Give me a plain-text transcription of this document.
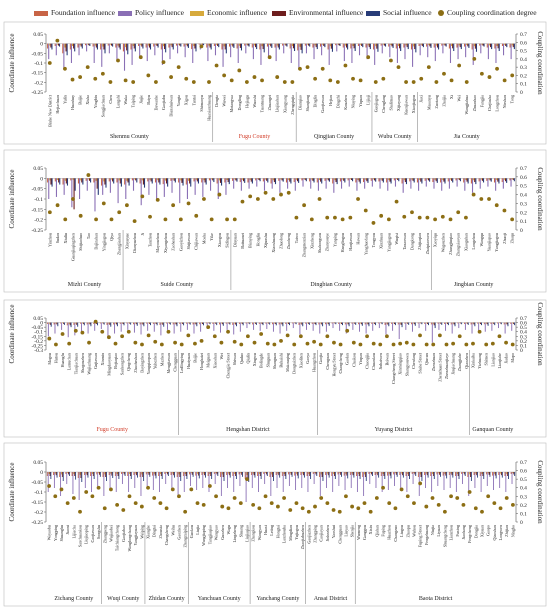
Foundation influence	Policy influence	Economic influence	Environmental influence	Social influence	Coupling coordination degree
0.05
0
-0.05
-0.1
-0.15
-0.2
-0.25
0.7
0.6
0.5
0.4
0.3
0.2
0.1
0
Coordinate influence	Coupling coordination
Binhe New District Hejiachuan Yulin Huanhuy Baijie Xisha Yingbin Songjiachuan Chen Langshi Wuka Taiping Jiujie Baiyu Dawanhe Gaojiabu Dianshuiwan Yangta Xigou Tuntai Shimaoyu Huaxianzhuang Dengta Wuwei Motangwa Dongling Hejiagu Wuoshi Tuantuang Zhuangzi Liujiashan Xiangyang Zhengqiujia Dianqiao Shanjiang Dinglin Gaojiawan Hejian Dingzhi Kouzhen Niuying Yiquan Lijiaji Guojiagou Chenglang Shalimao Xijiayang Kuenjiawan Xiaojiagou Jiaxi Masanyu Zuotang Zhaijia Xi Wei Wangjiahua Zhuanhao Fangjia Chejiasha Longzhou Nieshan Tong
Shenmu County	Fugu County	Qingjian County	Wubu County	Jia County
0.05
0
-0.05
-0.1
-0.15
-0.2
-0.25
0.7
0.6
0.5
0.4
0.3
0.2
0.1
0
Coordinate influence	Coupling coordination
Yinzhou Sudan Xiuliu Guanjiaqingzhen Shijiaohuo Tao Dajinshan Yingjiagou Qiya Zhangjiashan Xinyuyue Dianyuzhou Ji Tanzhou Mayonzhou Xiyangzhou Zaoheshan Gaoyizhou Shijiawan Chijiawan Mosha Yike Xiaogou Sidingou Dinyuan Baituanzi Bianying Hongliu Xijunshu Xiaoshuang Zhuolong Zhaoheng Taiwo Zhangmenzian Xinzheng Shahongsou Zhanyouye Yanping Hanglingou Hanjiawan Hawan Yanghuofang Tongyou Xinzhuan Yangjiagou Wuqisi Tanaowan Dangkong Zhijiaqian Zhaipiaowen Xaoyiqu Wagouzhen Zhangjiuqiao Zhangxiaoyan Xiaoguhan Longzhou Wangqu Yuanjiapao Yangjiagou Zhuoji Zhaqu
Mizhi County	Suide County	Dingbian County	Jingbian County
0.05
0
-0.05
-0.1
-0.15
-0.2
-0.25
-0.3
0.7
0.6
0.5
0.4
0.3
0.2
0.1
0
Coordinate influence	Coupling coordination
Magou Hutou Huangfu Lamuchan Tianjiachuan Shagouzhen Wujiazhuang Gujiawan Xinmin Mingdaoyuan Bojiaqiao Sanhongzhen Qingcheng Zhaoheshan Dayingzhen Yangqiaopan Yuhezhen Mazhen Mengjiawan Chengguan Ledlingying Huaiyuan Baijie Honghaizi Meiguan Xiaoshan Wei Chengjie Street Shiwan Quduo Qiulin Xingwu Bolingde Shuguan Shanguan Buhaishi Makouqing Dongtaizhen Xiaoliten Gaoya Huangzhou Gaojia Chengnan Hengyu Street Changcheng Gaolan Chaikou Yinpan Chaoqijia Chuankou Jinbaiwen Beiwan Changcheng Street Xinmingqiao Shangyouwen Chenfang Shahe Street Qiucun Zhenzhuan Zhenzhuan Street Zhenzhuanjiaye Jinqiachuang Zhangjiahe Qiaozhen Xinkaiba Yizhuang Shimen Lianjiao Lianjiahe Jiadao Mapo
Fugu County	Hengshan District	Yuyang District	Ganquan County
0.05
0
-0.05
-0.1
-0.15
-0.2
-0.25
0.7
0.6
0.5
0.4
0.3
0.2
0.1
0
Coordinate influence	Coupling coordination
Wayaobu Yongping Shuanghu Jiaoni Lijiacha Sanchuankou Liujiaoping Caojiawan Songshu Zhangpeng Wujiaobei Taichiangchong Gaojiabao Wanglongchang Yangjiayuan Weiping Xianghe Dingtai Zhouxia Changsheng Weihu Gaozhen Zhangzaiping Guokou Liujia Wangjiaping Tangjiaqiao Wangyao Guozhen Wagu Lingzheng Shuang Liujiaqiao Zhangkou Wangyan Huaxi Leting Hongtai Lanzhouba Mingdian Yujiagou Zhaojiabuzhen Gaojiazhen Zhangping Caojiayan Jinhezhen Yaoshui Chengguan Liuyao Shenjia Wumeng Ganggou Xixin Qishan Fuping Huazhou Changzuo Liugou Zhaopu Wuhou Fuping Street Fengzhuang Niujia Liyuan Shuangcheng Lianzhou Fuxing Jiaohang Fengcheng Dongjia Xiyuan Gaopo Qiaoshan Longwen Zhijian Ningbo
Zichang County Wuqi County Zhidan County Yanchuan County	Yanchang County Ansai District	Baota District
